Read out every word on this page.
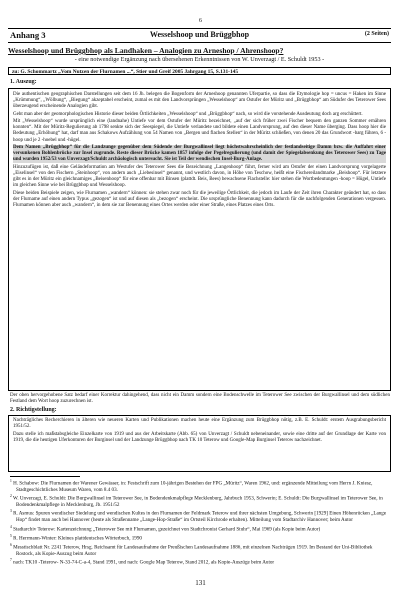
6
Anhang 3	Wesselshoop und Brüggbhop	(2 Seiten)
Wesselshoop und Brüggbhop als Landhaken – Analogien zu Arneshop / Ahrenshoop?
- eine notwendige Ergänzung nach übersehenen Erkenntnissen von W. Unverzagt / E. Schuldt 1953 -
zu: G. Schommartz „Vom Nutzen der Flurnamen ...“, Stier und Greif 2005 Jahrgang 15, S.131-145
1. Auszug:

Die authentischen geographischen Darstellungen seit dem 16 Jh. belegen die Bogenform der Arneshoop genannten Uferpartie, so dass die Etymologie hop = uncus = Haken im Sinne „Krümmung“, „Wölbung“, „Biegung“ akzeptabel erscheint, zumal es mit den Landvorsprüngen „Wesselshoop“ am Ostufer der Müritz und „Brüggbhop“ am Südufer des Teterower Sees überzeugend erscheinende Analogien gibt.

Geht man aber der geomorphologischen Historie dieser beiden Örtlichkeiten „Wesselshoop“ und „Brüggbhop“ nach, so wird die vorstehende Ausdeutung doch arg erschüttert.

Mit „Wesselshoop“ wurde ursprünglich eine (landnahe) Untiefe vor dem Ostufer der Müritz bezeichnet, „auf der sich früher zwei Fischer bequem den ganzen Sommer ernähren konnten“. Mit der Müritz-Regulierung ab 1798 senkte sich der Seespiegel, die Untiefe verlandete und bildete einen Landvorsprung, auf den dieser Name überging. Dass hoop hier die Bedeutung „Erhöhung“ hat, darf man aus Schakows Aufzählung von 54 Namen von „Bergen und flachen Stellen“ in der Müritz schließen, von denen 20 das Grundwort -barg führen, 6 -hoop und je 2 -hoebel und -hügel.

Dem Namen „Brüggbhop“ für die Landzunge gegenüber dem Südende der Burgwallinsel liegt höchstwahrscheinlich der festlandseitige Damm bzw. die Auffahrt einer versunkenen Bohlenbrücke zur Insel zugrunde. Reste dieser Brücke kamen 1857 infolge der Pegelregulierung (und damit der Spiegelabsenkung des Teterower Sees) zu Tage und wurden 1952/53 von Unverzagt/Schuldt archäologisch untersucht. Sie ist Teil der wendischen Insel-Burg-Anlage.

Hinzuzufügen ist, daß eine Geländeformation am Westufer des Teterower Sees die Bezeichnung „Langenhoop“ führt, ferner wird am Ostufer der einen Landvorsprung vorgelagerte „Eiselinsel“ von den Fischern „Steinhoop“, von andern auch „Liebesinsel“ genannt, und westlich davon, in Höhe von Teschow, heißt eine Fischereilandmarke „Beishoop“. Für letztere gibt es in der Müritz ein gleichnamiges „Beisenhoop“ für eine offenbar mit Binsen (plattdt. Beis, Bees) bewachsene Flachstelle: hier stehen die Wortbedeutungen -hoop = Hügel, Untiefe im gleichen Sinne wie bei Brüggbhop und Wesselshoop.

Diese beiden Beispiele zeigen, wie Flurnamen „wandern“ können: sie stehen zwar noch für die jeweilige Örtlichkeit, die jedoch im Laufe der Zeit ihren Charakter geändert hat, so dass der Flurname auf einen andern Typus „gezogen“ ist und auf diesen als „bezogen“ erscheint. Die ursprüngliche Benennung kann dadurch für die nachfolgenden Generationen vergessen. Flurnamen können aber auch „wandern“, in dem sie zur Benennung eines Ortes werden oder einer Straße, eines Platzes eines Orts.

Der oben hervorgehobene Satz bedarf einer Korrektur dahingehend, dass nicht ein Damm sondern eine Bodenschwelle im Teterower See zwischen der Burgwallinsel und dem südlichen Festland dem Wort hoop zuzurechnen ist.
2. Richtigstellung:

Nachträgliches Recherchieren in älteren wie neueren Karten und Publikationen machen heute eine Ergänzung zum Brüggbhop nötig, z.B. E. Schuldt: erstem Ausgrabungsbericht 1951/52.

Dazu stelle ich maßstabsgleiche Einzelkarte von 1919 und aus der Arbeitskarte (Abb. 65) von Unverzagt / Schuldt nebeneinander, sowie eine dritte auf der Grundlage der Karte von 1919, die die heutigen Uferkonturen der Burginsel und der Landzunge Brüggbhop nach TK 10 Teterow und Google-Map Burginsel Teterow nachzeichnet.

$^1$ H. Schabow: Die Flurnamen der Warener Gewässer, in: Festschrift zum 10-jährigen Bestehen der FPG „Müritz“, Waren 1962, und: ergänzende Mitteilung vom Herrn J. Kniesz, Stadtgeschichtliches Museum Waren, vom 8.4 03.
$^2$ W. Unverzagt, E. Schuldt: Die Burgwallinsel im Teterower See, in Bodendenkmalpflege Mecklenburg, Jahrbuch 1953, Schwerin; E. Schuldt: Die Burgwallinsel im Teterower See, in Bodendenkmalpflege in Mecklenburg, Jb. 1951/52
$^3$ R. Asmus: Spuren wendischer Siedelung und wendischen Kultes in den Flurnamen der Feldmark Teterow und ihrer nächsten Umgebung, Schwerin [1929] Einen Höhenrücken „Lange Hop“ findet man auch bei Hannover (heute als Straßenname „Lange-Hop-Straße“ im Ortsteil Kirchrode erhalten). Mitteilung vom Stadtarchiv Hannover; beim Autor
$^4$ Stadtarchiv Teterow: Kartenzeichnung „Teterower See mit Flurnamen, gezeichnet von Stadtchronist Gerhard Stuhr“, Mai 1969 (als Kopie beim Autor)
$^5$ R. Herrmann-Winter: Kleines plattdeutsches Wörterbuch, 1990
$^6$ Messtischblatt Nr. 2241 Teterow, Hrsg. Reichsamt für Landesaufnahme der Preußischen Landesaufnahme 1886, mit einzelnen Nachträgen 1919. Im Bestand der Uni-Bibliothek Rostock, als Kopie-Auszug beim Autor
$^7$ nach: TK10 -Teterow- N-33-74-C-a-4, Stand 1991, und nach: Google Map Teterow, Stand 2012, als Kopie-Auszüge beim Autor
131
